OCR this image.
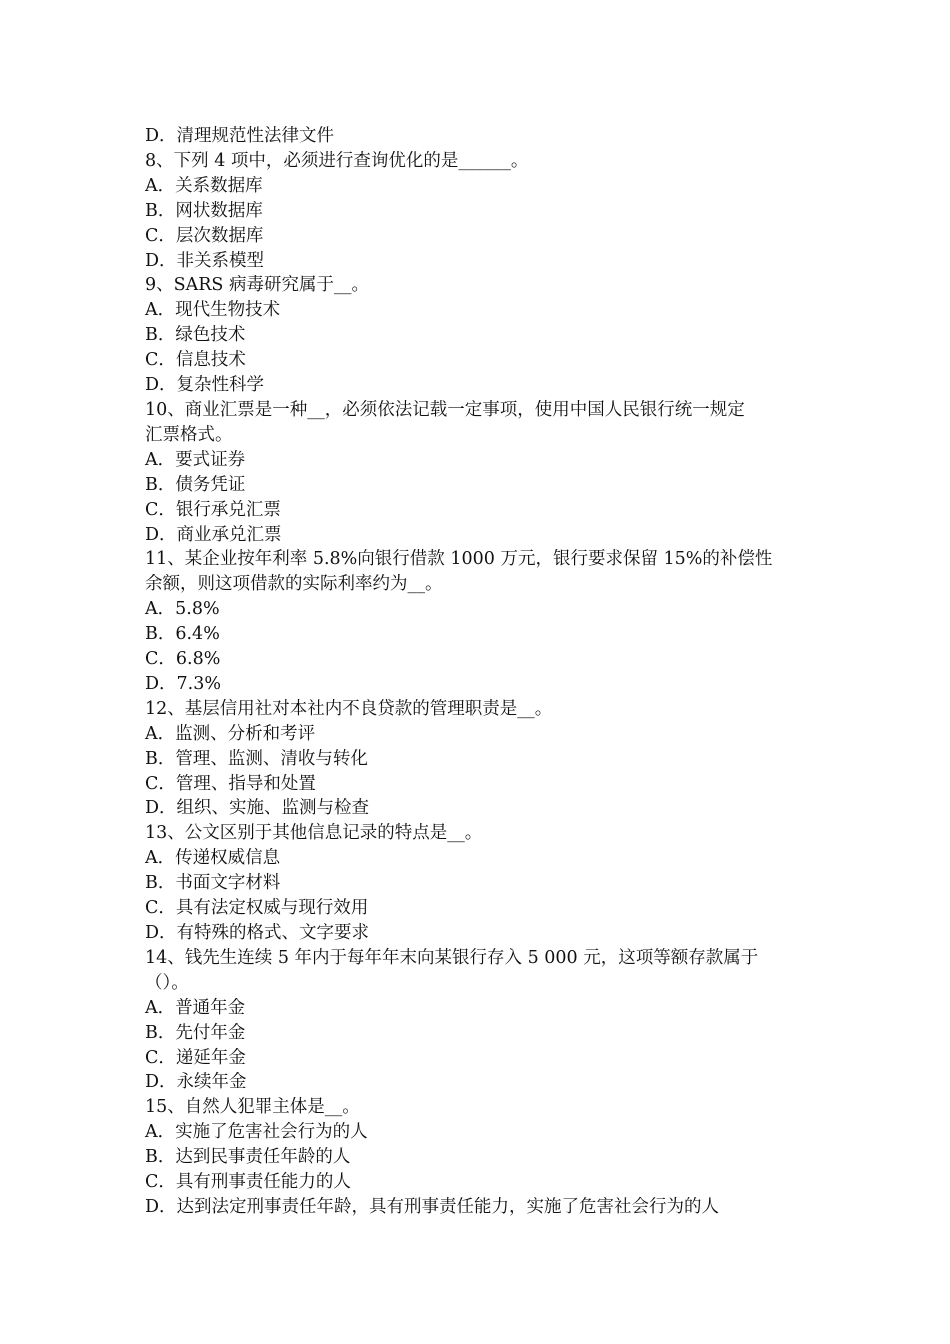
D．清理规范性法律文件

8、下列 4 项中，必须进行查询优化的是______。

A．关系数据库

B．网状数据库

C．层次数据库

D．非关系模型

9、SARS 病毒研究属于__。

A．现代生物技术

B．绿色技术

C．信息技术

D．复杂性科学

10、商业汇票是一种__，必须依法记载一定事项，使用中国人民银行统一规定

汇票格式。

A．要式证券

B．债务凭证

C．银行承兑汇票

D．商业承兑汇票

11、某企业按年利率 5.8%向银行借款 1000 万元，银行要求保留 15%的补偿性

余额，则这项借款的实际利率约为__。

A．5.8%

B．6.4%

C．6.8%

D．7.3%

12、基层信用社对本社内不良贷款的管理职责是__。

A．监测、分析和考评

B．管理、监测、清收与转化

C．管理、指导和处置

D．组织、实施、监测与检查

13、公文区别于其他信息记录的特点是__。

A．传递权威信息

B．书面文字材料

C．具有法定权威与现行效用

D．有特殊的格式、文字要求

14、钱先生连续 5 年内于每年年末向某银行存入 5 000 元，这项等额存款属于

（）。

A．普通年金

B．先付年金

C．递延年金

D．永续年金

15、自然人犯罪主体是__。

A．实施了危害社会行为的人

B．达到民事责任年龄的人

C．具有刑事责任能力的人

D．达到法定刑事责任年龄，具有刑事责任能力，实施了危害社会行为的人
